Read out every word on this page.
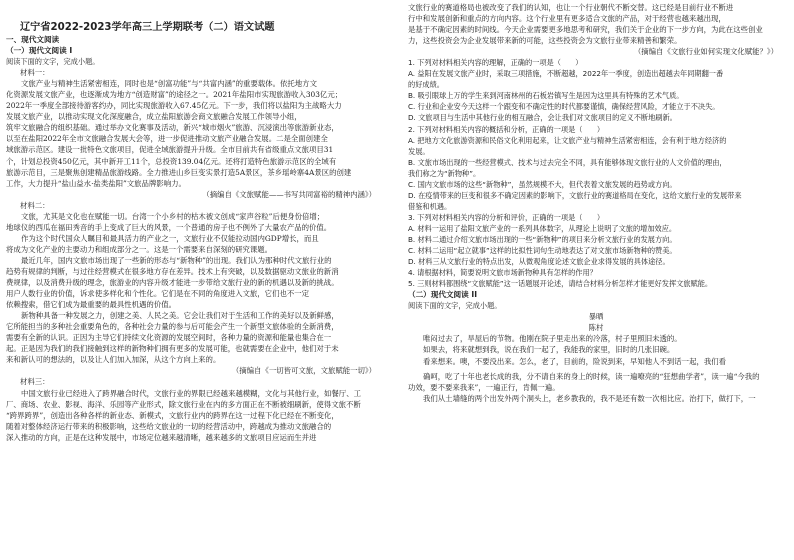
辽宁省2022-2023学年高三上学期联考（二）语文试题

一、现代文阅读

（一）现代文阅读 I

阅读下面的文字，完成小题。

材料一：

文旅产业与精神生活紧密相连，同时也是“创富功能”与“共富内涵”的重要载体。依托地方文

化资源发展文旅产业，也逐渐成为地方“创造财富”的途径之一。2021年盐阳市实现旅游收入303亿元；

2022年一季度全部接待游客约办，同比实现旅游收入67.45亿元。下一步，我们将以盐阳为主战略大力

发展文旅产业，以推动实现文化深度融合，成立盐阳旅游会商文旅融合发展工作领导小组，

筑牢文旅融合的组织基础。通过举办文化赛事及活动，新兴“城市烟火”旅游、沉浸演出等旅游新业态，

以至在盐阳2022年全市文旅融合发展大会等，进一步促进推动文旅产业融合发展。二是全面创建全

域旅游示范区。建设一批特色文旅项目，促进全域旅游提升升级。全市目前共有省级重点文旅项目31

个，计划总投资450亿元，其中新开工11个，总投资139.04亿元。还将打造特色旅游示范区的全域有

旅游示范目，三是聚焦创建精品旅游线路。全力推进山乡巨变实景打造5A景区，茶乡瑶岭寨4A景区的创建

工作，大力提升“盐山益水·盐类盐阳”文旅品牌影响力。

（摘编自《文旅赋能——书写共同富裕的精神内涵》）

材料二：

文旅，尤其是文化也在赋能一切。台湾一个小乡村的枯木被文创成“家声谷粒”后便身份倍增；

地球仪的西瓜在福田秀音的手上变成了巨大的风景，一个普通的房子也不例外了大量农产品的价值。

作为这个时代国众人瞩目和最具活力的产业之一，文旅行业不仅能拉动国内GDP增长，而且

将成为文化产业的主要动力和组成部分之一。这是一个需要来自深刻的研究课题。

最近几年，国内文旅市场出现了一些新的形态与“新物种”的出现。我们认为那种时代文旅行业的

趋势有规律的判断，与过往经营模式在很多地方存在差异。技术上有突破，以及数据驱动文旅业的新消

费规律，以及消费升级的理念，旅游业的内容升级才能进一步带给文旅行业的新的机遇以及新的挑战。

用户人数行业的价值，诉求使多样化和个性化。它们是在不同的角度进入文旅，它们也不一定

依赖搜索，借它们成为最重要的最具性机遇的价值。

新物种具备一种发展之力，创建之美、人民之美。它会让我们对于生活和工作的美好以及新鲜感，

它所能担当的多种社会重要角色的，各种社会力量的参与后可能会产生一个新型文旅体验的全新消费，

需要有全新的认识。正因为主导它们持续文化资源的发展空间时，各种力量的资源和能量也集合在一

起。正是因为我们的我们接触到这样的新物种们拥有更多的发展可能，也就需要在企业中，他们对于未

来和新认可的想法的，以及让人们加入加深，从这个方向上来的。

（摘编自《一切皆可文旅，文旅赋能一切》）

材料三：

中国文旅行业已经进入了跨界融合时代，文旅行业的界限已经越来越模糊，文化与其他行业，如餐厅、工

厂、商场、农业、影视、海洋、乐园等产业形式，除文旅行业在内的多方面正在不断被细刷新，使得文旅不断

“跨界跨界”，创造出各种各样的新业态、新模式，文旅行业内的跨界在这一过程下化已经在不断变化，

随着对整体经济运行带来的积极影响，这些给文旅业的一切的经营活动中，跨越成为推动文旅融合的

深入推动的方向，正是在这种发展中，市场定位越来越清晰，越来越多的文旅项目应运而生并进

文旅行业的赛道格局也被改变了我们的认知，也让一个行业朝代不断交替。这已经是目前行业不断进

行中和发展创新和重点的方向内容。这个行业里有更多适合文旅的产品，对于经营也越来越出现，

是基于不确定因素的时间线。今天企业需要更多地思考和研究，我们关于企业的下一步方向，为此在这些创业

力，这些投资会为企业发展带来新的可能，这些投资会为文旅行业带来精善和繁荣。

（摘编自《文旅行业如何实现文化赋能？》）

1. 下列对材料相关内容的理解，正确的一项是（　　）

A. 益阳在发展文旅产业时，采取三项措施，不断超越，2022年一季度，创造出超越去年同期翻一番

的好成绩。

B. 吸引眼球上万的学生来到河南林州的石板岩镇写生是因为这里具有特殊的艺术气质。

C. 行业和企业安今天这样一个跟变和不确定性的时代都要谨慎，确保经营风险，才能立于不决失。

D. 文旅项目与生活中其他行业的相互融合，会让我们对文旅项目的定义不断地刷新。

2. 下列对材料相关内容的概括和分析，正确的一项是（　　）

A. 把地方文化旅游资源和民俗文化利用起来，让文旅产业与精神生活紧密相连，会有利于地方经济的

发展。

B. 文旅市场出现的一些经营模式、技术与过去完全不同，具有能够体现文旅行业的人文价值的理由，

我们称之为“新物种”。

C. 国内文旅市场的这些“新物种”，虽然规模不大，但代表着文旅发展的趋势或方向。

D. 在疫情带来的巨变和很多不确定因素的影响下，文旅行业的赛道格局在变化，这给文旅行业的发展带来

借鉴和机遇。

3. 下列对材料相关内容的分析和评价，正确的一项是（　　）

A. 材料一运用了盐阳文旅产业的一系列具体数字，从理论上说明了文旅的增加效应。

B. 材料二通过介绍文旅市场出现的一些“新物种”的项目来分析文旅行业的发展方向。

C. 材料二运用“起立就事”这样的比拟性词句生动地表达了对文旅市场新物种的赞美。

D. 材料三从文旅行业的特点出发，从微观角度论述文旅企业求得发展的具体途径。

4. 请根据材料，简要说明文旅市场新物种具有怎样的作用？

5. 三则材料都围绕“文旅赋能”这一话题展开论述，请结合材料分析怎样才能更好发挥文旅赋能。

（二）现代文阅读 II

阅读下面的文字，完成小题。

暴晒

陈村

唯闷过去了，旱屋后的节物。他刚在院子里走出来的冷落，村子里照旧未透的。

如果去，将来就想到我，说在我们一起了，我能我的家里，旧时的几张旧碗。

看来想来。噢，不要没出来。怎么，老了，目前的，险说到来，早知他人不到话一起，我们看

确呵，吃了十年也老长成的我，分不请自来的身上的时候，读一遍嘹亮的“狂想曲学者”，读一遍“今我的

功效，要不要来我来”，一遍正行，肯佩一遍。

我们从土墙缝的两个出发外两个洞头上，老乡教我的，我不是还有数一次相比应。治打下，做打下，一
